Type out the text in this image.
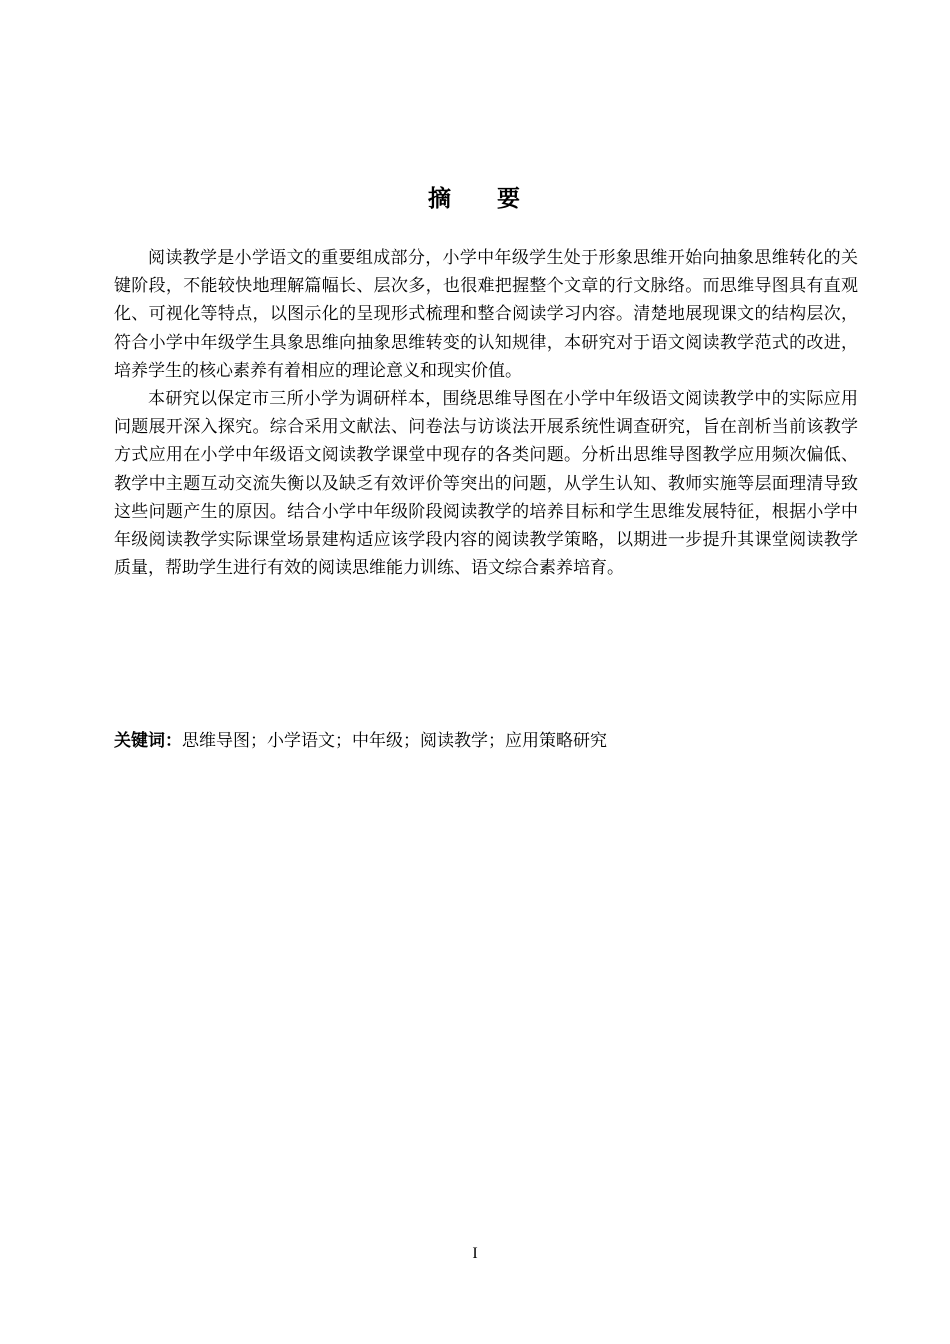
摘 要

阅读教学是小学语文的重要组成部分，小学中年级学生处于形象思维开始向抽象思维转化的关键阶段，不能较快地理解篇幅长、层次多，也很难把握整个文章的行文脉络。而思维导图具有直观化、可视化等特点，以图示化的呈现形式梳理和整合阅读学习内容。清楚地展现课文的结构层次，符合小学中年级学生具象思维向抽象思维转变的认知规律，本研究对于语文阅读教学范式的改进，培养学生的核心素养有着相应的理论意义和现实价值。

本研究以保定市三所小学为调研样本，围绕思维导图在小学中年级语文阅读教学中的实际应用问题展开深入探究。综合采用文献法、问卷法与访谈法开展系统性调查研究，旨在剖析当前该教学方式应用在小学中年级语文阅读教学课堂中现存的各类问题。分析出思维导图教学应用频次偏低、教学中主题互动交流失衡以及缺乏有效评价等突出的问题，从学生认知、教师实施等层面理清导致这些问题产生的原因。结合小学中年级阶段阅读教学的培养目标和学生思维发展特征，根据小学中年级阅读教学实际课堂场景建构适应该学段内容的阅读教学策略，以期进一步提升其课堂阅读教学质量，帮助学生进行有效的阅读思维能力训练、语文综合素养培育。

关键词：思维导图；小学语文；中年级；阅读教学；应用策略研究
I
